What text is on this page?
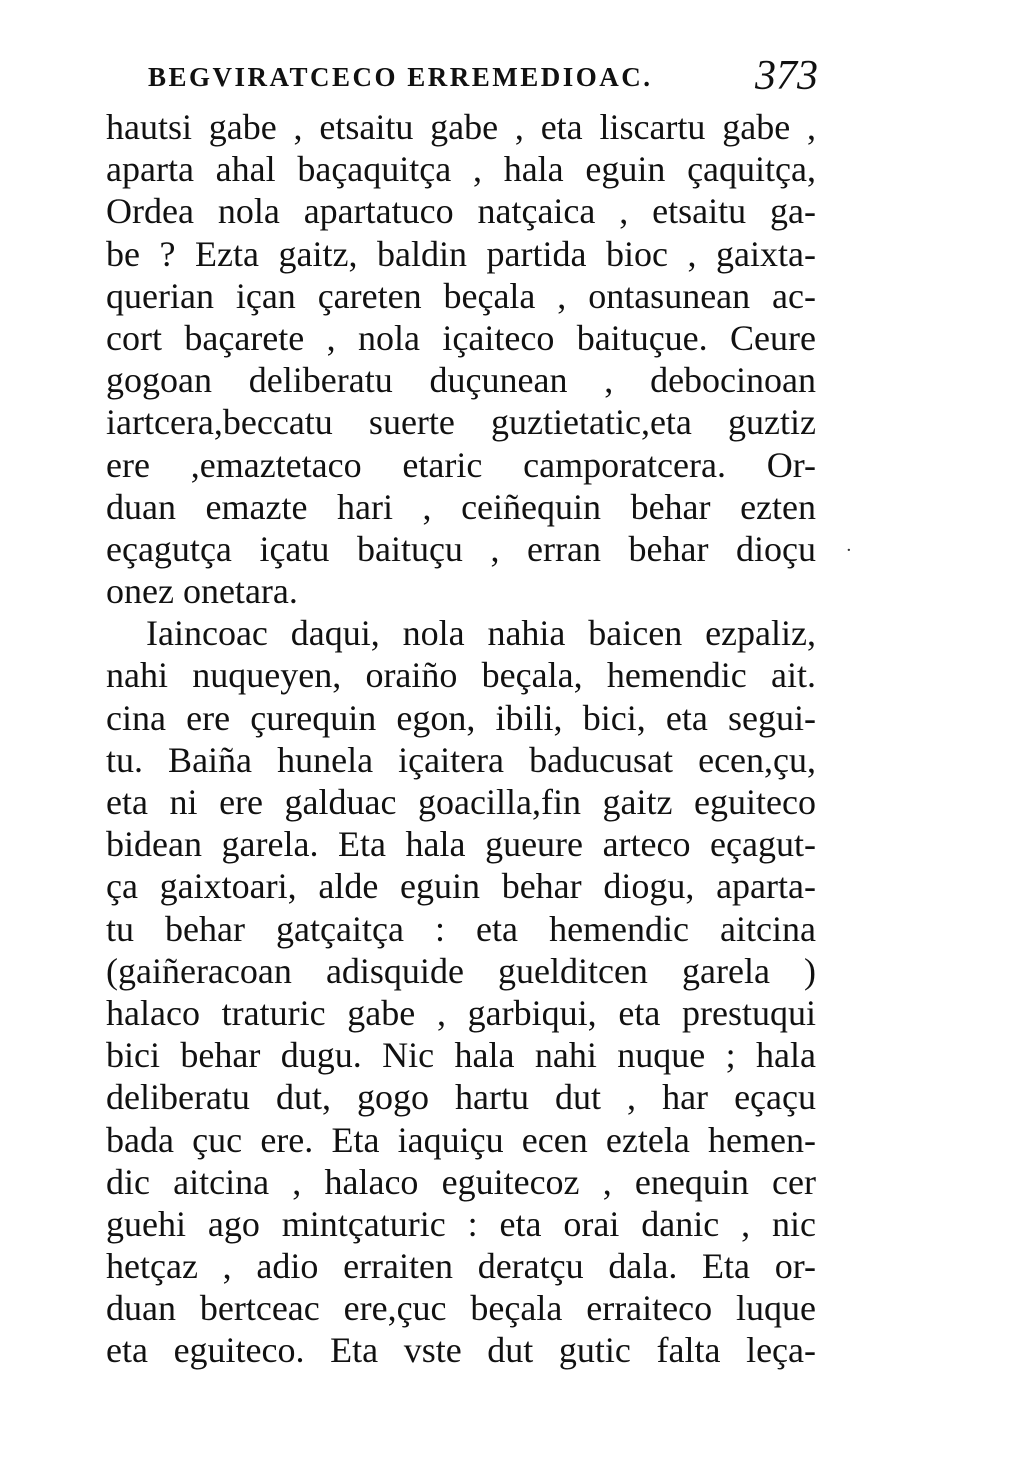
BEGVIRATCECO ERREMEDIOAC. 373
hautsi gabe , etsaitu gabe , eta liscartu gabe ,
aparta ahal baçaquitça , hala eguin çaquitça,
Ordea nola apartatuco natçaica , etsaitu ga-
be ? Ezta gaitz, baldin partida bioc , gaixta-
querian içan çareten beçala , ontasunean ac-
cort baçarete , nola içaiteco baituçue. Ceure
gogoan deliberatu duçunean , debocinoan
iartcera,beccatu suerte guztietatic,eta guztiz
ere ,emaztetaco etaric camporatcera. Or-
duan emazte hari , ceiñequin behar ezten
eçagutça içatu baituçu , erran behar dioçu
onez onetara.
Iaincoac daqui, nola nahia baicen ezpaliz,
nahi nuqueyen, oraiño beçala, hemendic ait.
cina ere çurequin egon, ibili, bici, eta segui-
tu. Baiña hunela içaitera baducusat ecen,çu,
eta ni ere galduac goacilla,fin gaitz eguiteco
bidean garela. Eta hala gueure arteco eçagut-
ça gaixtoari, alde eguin behar diogu, aparta-
tu behar gatçaitça : eta hemendic aitcina
(gaiñeracoan adisquide guelditcen garela )
halaco traturic gabe , garbiqui, eta prestuqui
bici behar dugu. Nic hala nahi nuque ; hala
deliberatu dut, gogo hartu dut , har eçaçu
bada çuc ere. Eta iaquiçu ecen eztela hemen-
dic aitcina , halaco eguitecoz , enequin cer
guehi ago mintçaturic : eta orai danic , nic
hetçaz , adio erraiten deratçu dala. Eta or-
duan bertceac ere,çuc beçala erraiteco luque
eta eguiteco. Eta vste dut gutic falta leça-
·
